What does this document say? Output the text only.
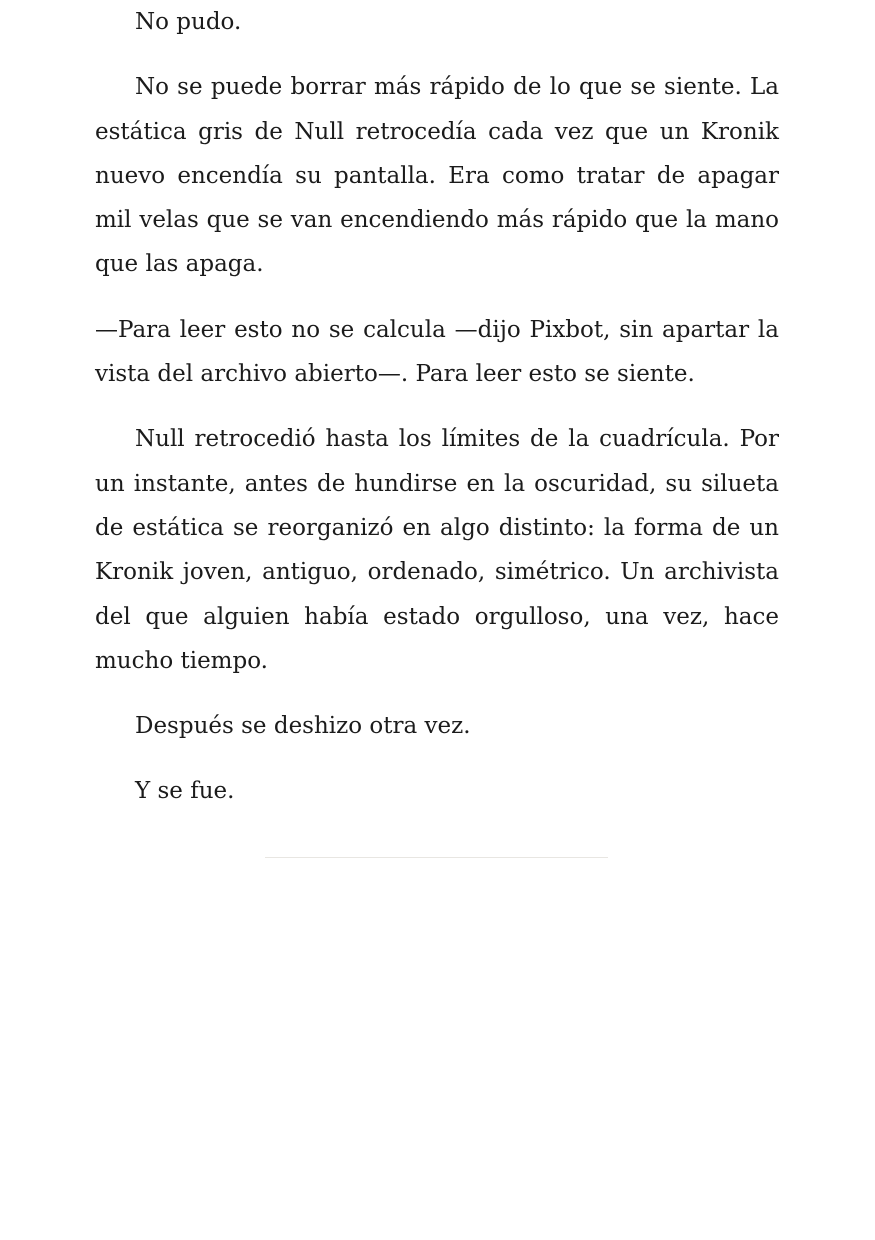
No pudo.

No se puede borrar más rápido de lo que se siente. La estática gris de Null retrocedía cada vez que un Kronik nuevo encendía su pantalla. Era como tratar de apagar mil velas que se van encendiendo más rápido que la mano que las apaga.

—Para leer esto no se calcula —dijo Pixbot, sin apartar la vista del archivo abierto—. Para leer esto se siente.

Null retrocedió hasta los límites de la cuadrícula. Por un instante, antes de hundirse en la oscuridad, su silueta de estática se reorganizó en algo distinto: la forma de un Kronik joven, antiguo, ordenado, simétrico. Un archivista del que alguien había estado orgulloso, una vez, hace mucho tiempo.

Después se deshizo otra vez.

Y se fue.
